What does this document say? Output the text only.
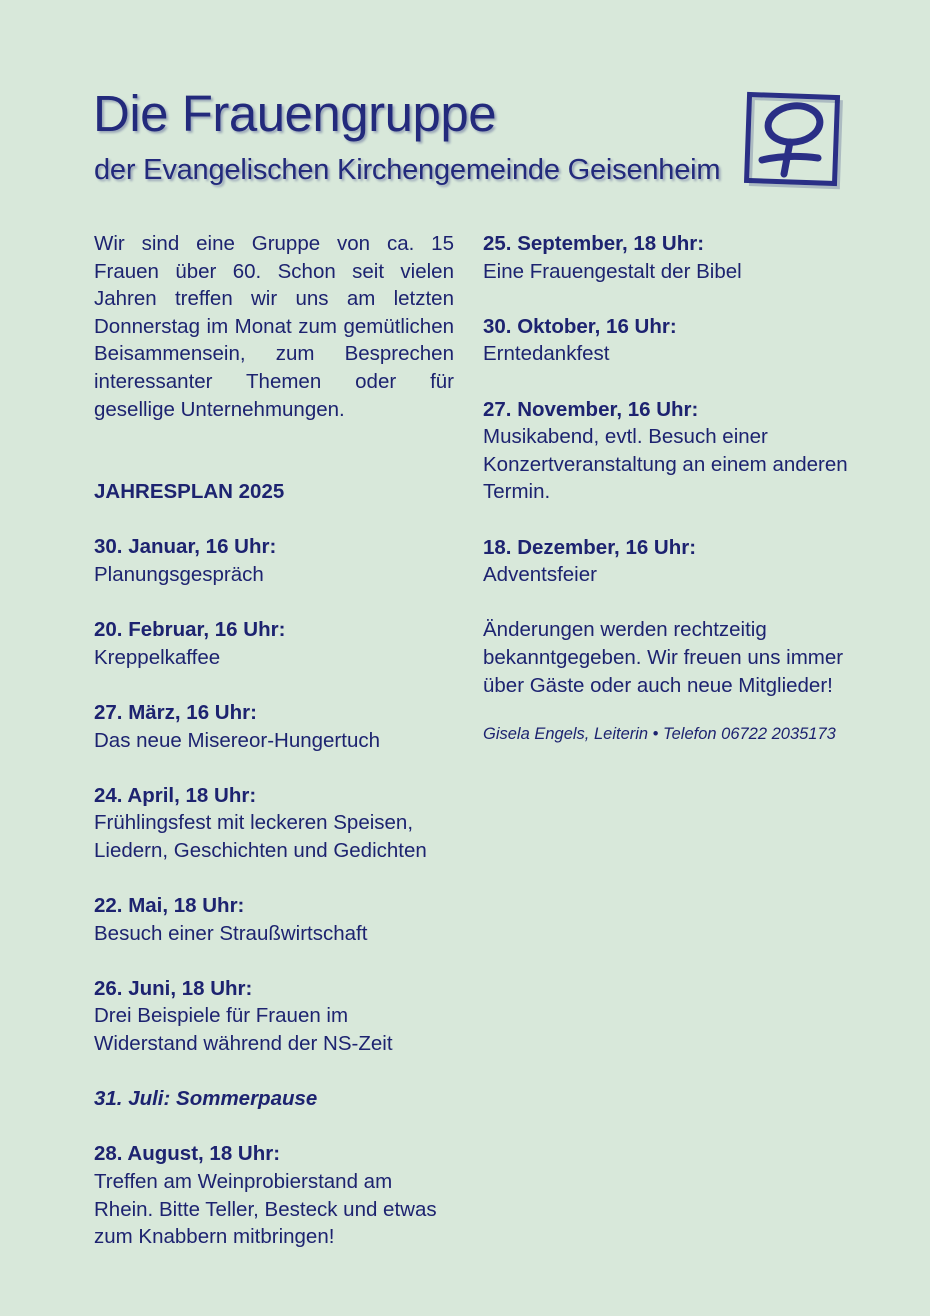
Die Frauengruppe
der Evangelischen Kirchengemeinde Geisenheim

Wir sind eine Gruppe von ca. 15 Frauen über 60. Schon seit vielen Jahren treffen wir uns am letzten Donnerstag im Monat zum gemütlichen Beisammensein, zum Besprechen interessanter Themen oder für gesellige Unternehmungen.

JAHRESPLAN 2025

30. Januar, 16 Uhr:
Planungsgespräch
20. Februar, 16 Uhr:
Kreppelkaffee
27. März, 16 Uhr:
Das neue Misereor-Hungertuch
24. April, 18 Uhr:
Frühlingsfest mit leckeren Speisen, Liedern, Geschichten und Gedichten
22. Mai, 18 Uhr:
Besuch einer Straußwirtschaft
26. Juni, 18 Uhr:
Drei Beispiele für Frauen im Widerstand während der NS-Zeit

31. Juli: Sommerpause

28. August, 18 Uhr:
Treffen am Weinprobierstand am Rhein. Bitte Teller, Besteck und etwas zum Knabbern mitbringen!
25. September, 18 Uhr:
Eine Frauengestalt der Bibel
30. Oktober, 16 Uhr:
Erntedankfest
27. November, 16 Uhr:
Musikabend, evtl. Besuch einer Konzertveranstaltung an einem anderen Termin.
18. Dezember, 16 Uhr:
Adventsfeier

Änderungen werden rechtzeitig bekanntgegeben. Wir freuen uns immer über Gäste oder auch neue Mitglieder!

Gisela Engels, Leiterin • Telefon 06722 2035173
